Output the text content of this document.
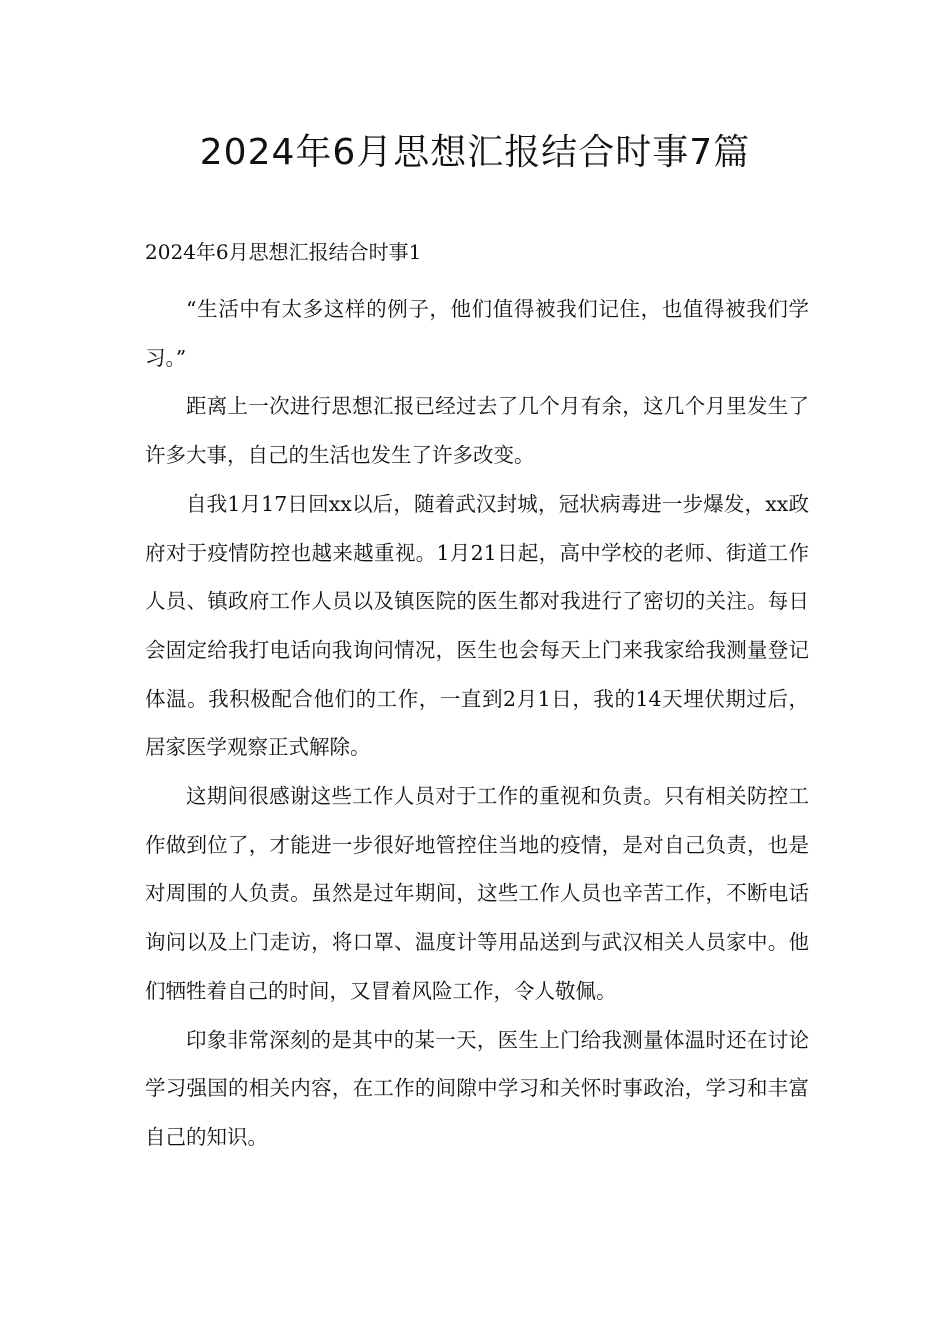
2024年6月思想汇报结合时事7篇
2024年6月思想汇报结合时事1

“生活中有太多这样的例子，他们值得被我们记住，也值得被我们学习。”

距离上一次进行思想汇报已经过去了几个月有余，这几个月里发生了许多大事，自己的生活也发生了许多改变。

自我1月17日回xx以后，随着武汉封城，冠状病毒进一步爆发，xx政府对于疫情防控也越来越重视。1月21日起，高中学校的老师、街道工作人员、镇政府工作人员以及镇医院的医生都对我进行了密切的关注。每日会固定给我打电话向我询问情况，医生也会每天上门来我家给我测量登记体温。我积极配合他们的工作，一直到2月1日，我的14天埋伏期过后，居家医学观察正式解除。

这期间很感谢这些工作人员对于工作的重视和负责。只有相关防控工作做到位了，才能进一步很好地管控住当地的疫情，是对自己负责，也是对周围的人负责。虽然是过年期间，这些工作人员也辛苦工作，不断电话询问以及上门走访，将口罩、温度计等用品送到与武汉相关人员家中。他们牺牲着自己的时间，又冒着风险工作，令人敬佩。

印象非常深刻的是其中的某一天，医生上门给我测量体温时还在讨论学习强国的相关内容，在工作的间隙中学习和关怀时事政治，学习和丰富自己的知识。
